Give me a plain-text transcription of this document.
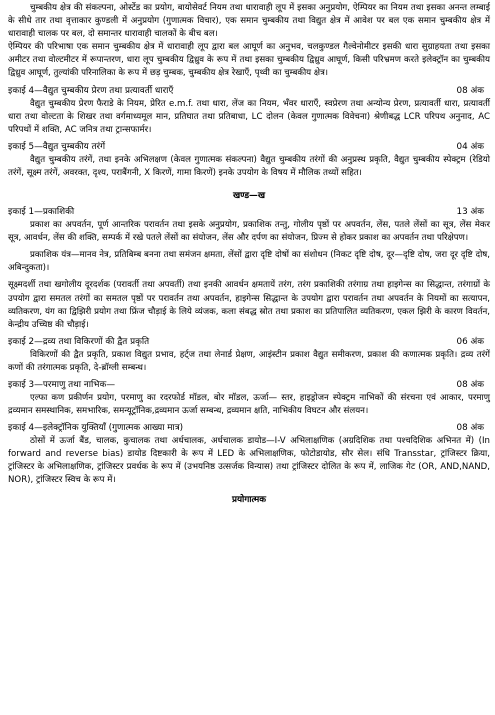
चुम्बकीय क्षेत्र की संकल्पना, ओर्स्टेड का प्रयोग, बायोसेवर्ट नियम तथा धारावाही लूप में इसका अनुप्रयोग, ऐम्पियर का नियम तथा इसका अनन्त लम्बाई के सीधे तार तथा वृत्ताकार कुण्डली में अनुप्रयोग (गुणात्मक विचार), एक समान चुम्बकीय तथा विद्युत क्षेत्र में आवेश पर बल एक समान चुम्बकीय क्षेत्र में धारावाही चालक पर बल, दो समान्तर धारावाही चालकों के बीच बल।

ऐम्पियर की परिभाषा एक समान चुम्बकीय क्षेत्र में धारावाही लूप द्वारा बल आघूर्ण का अनुभव, चलकुण्डल गैल्वेनोमीटर इसकी धारा सुग्राहयता तथा इसका अमीटर तथा वोल्टमीटर में रूपान्तरण, धारा लूप चुम्बकीय द्विध्रुव के रूप में तथा इसका चुम्बकीय द्विध्रुव आघूर्ण, किसी परिभ्रमण करते इलेक्ट्रॉन का चुम्बकीय द्विध्रुव आघूर्ण, तुल्यांकी परिनालिका के रूप में छड़ चुम्बक, चुम्बकीय क्षेत्र रेखाएँ, पृथ्वी का चुम्बकीय क्षेत्र।

इकाई 4—वैद्युत चुम्बकीय प्रेरण तथा प्रत्यावर्ती धाराएँ	08 अंक

वैद्युत चुम्बकीय प्रेरण फैराडे के नियम, प्रेरित e.m.f. तथा धारा, लेंज का नियम, भँवर धाराएँ, स्वप्रेरण तथा अन्योन्य प्रेरण, प्रत्यावर्ती धारा, प्रत्यावर्ती धारा तथा वोल्टता के शिखर तथा वर्गमाध्यमूल मान, प्रतिघात तथा प्रतिबाधा, LC दोलन (केवल गुणात्मक विवेचना) श्रेणीबद्ध LCR परिपथ अनुनाद, AC परिपथों में शक्ति, AC जनित्र तथा ट्रान्सफार्मर।

इकाई 5—वैद्युत चुम्बकीय तरंगें	04 अंक

वैद्युत चुम्बकीय तरंगें, तथा इनके अभिलक्षण (केवल गुणात्मक संकल्पना) वैद्युत चुम्बकीय तरंगों की अनुप्रस्थ प्रकृति, वैद्युत चुम्बकीय स्पेक्ट्रम (रेडियो तरंगें, सूक्ष्म तरंगें, अवरक्त, दृश्य, पराबैंगनी, X किरणें, गामा किरणें) इनके उपयोग के विषय में मौलिक तथ्यों सहित।

खण्ड—ख
इकाई 1—प्रकाशिकी	13 अंक

प्रकाश का अपवर्तन, पूर्ण आन्तरिक परावर्तन तथा इसके अनुप्रयोग, प्रकाशिक तन्तु, गोलीय पृष्ठों पर अपवर्तन, लेंस, पतले लेंसों का सूत्र, लेंस मेकर सूत्र, आवर्धन, लेंस की शक्ति, सम्पर्क में रखे पतले लेंसों का संयोजन, लेंस और दर्पण का संयोजन, प्रिज्म से होकर प्रकाश का अपवर्तन तथा परिक्षेपण।

प्रकाशिक यंत्र—मानव नेत्र, प्रतिबिम्ब बनना तथा समंजन क्षमता, लेंसों द्वारा दृष्टि दोषों का संशोधन (निकट दृष्टि दोष, दूर—दृष्टि दोष, जरा दूर दृष्टि दोष, अबिन्दुकता)।

सूक्ष्मदर्शी तथा खगोलीय दूरदर्शक (परावर्ती तथा अपवर्ती) तथा इनकी आवर्धन क्षमतायें तरंग, तरंग प्रकाशिकी तरंगाग्र तथा हाइगेन्स का सिद्धान्त, तरंगाग्रों के उपयोग द्वारा समतल तरंगों का समतल पृष्ठों पर परावर्तन तथा अपवर्तन, हाइगेन्स सिद्धान्त के उपयोग द्वारा परावर्तन तथा अपवर्तन के नियमों का सत्यापन, व्यतिकरण, यंग का द्विझिरी प्रयोग तथा फ्रिंज चौड़ाई के लिये व्यंजक, कला संबद्ध स्रोत तथा प्रकाश का प्रतिपालित व्यतिकरण, एकल झिरी के कारण विवर्तन, केन्द्रीय उच्चिष्ठ की चौड़ाई।

इकाई 2—द्रव्य तथा विकिरणों की द्वैत प्रकृति	06 अंक

विकिरणों की द्वैत प्रकृति, प्रकाश विद्युत प्रभाव, हर्ट्ज तथा लेनार्ड प्रेक्षण, आइंस्टीन प्रकाश वैद्युत समीकरण, प्रकाश की कणात्मक प्रकृति। द्रव्य तरंगें कणों की तरंगात्मक प्रकृति, दे-ब्रॉग्ली सम्बन्ध।

इकाई 3—परमाणु तथा नाभिक—	08 अंक

एल्फा कण प्रकीर्णन प्रयोग, परमाणु का रदरफोर्ड मॉडल, बोर मॉडल, ऊर्जा— स्तर, हाइड्रोजन स्पेक्ट्रम नाभिकों की संरचना एवं आकार, परमाणु द्रव्यमान समस्थानिक, समभारिक, समन्यूट्रॉनिक,द्रव्यमान ऊर्जा सम्बन्ध, द्रव्यमान क्षति, नाभिकीय विघटन और संलयन।

इकाई 4—इलेक्ट्रॉनिक युक्तियाँ (गुणात्मक आख्या मात्र)	08 अंक

ठोसों में ऊर्जा बैंड, चालक, कुचालक तथा अर्धचालक, अर्धचालक डायोड—I-V अभिलाक्षणिक (अग्रदिशिक तथा पश्चदिशिक अभिनत में) (In forward and reverse bias) डायोड दिष्टकारी के रूप में LED के अभिलाक्षणिक, फोटोडायोड, सौर सेल। संधि Transstar, ट्रांजिस्टर क्रिया, ट्रांजिस्टर के अभिलाक्षणिक, ट्रांजिस्टर प्रवर्धक के रूप में (उभयनिष्ठ उत्सर्जक विन्यास) तथा ट्रांजिस्टर दोलित के रूप में, लाजिक गेट (OR, AND,NAND, NOR), ट्रांजिस्टर स्विच के रूप में।

प्रयोगात्मक
